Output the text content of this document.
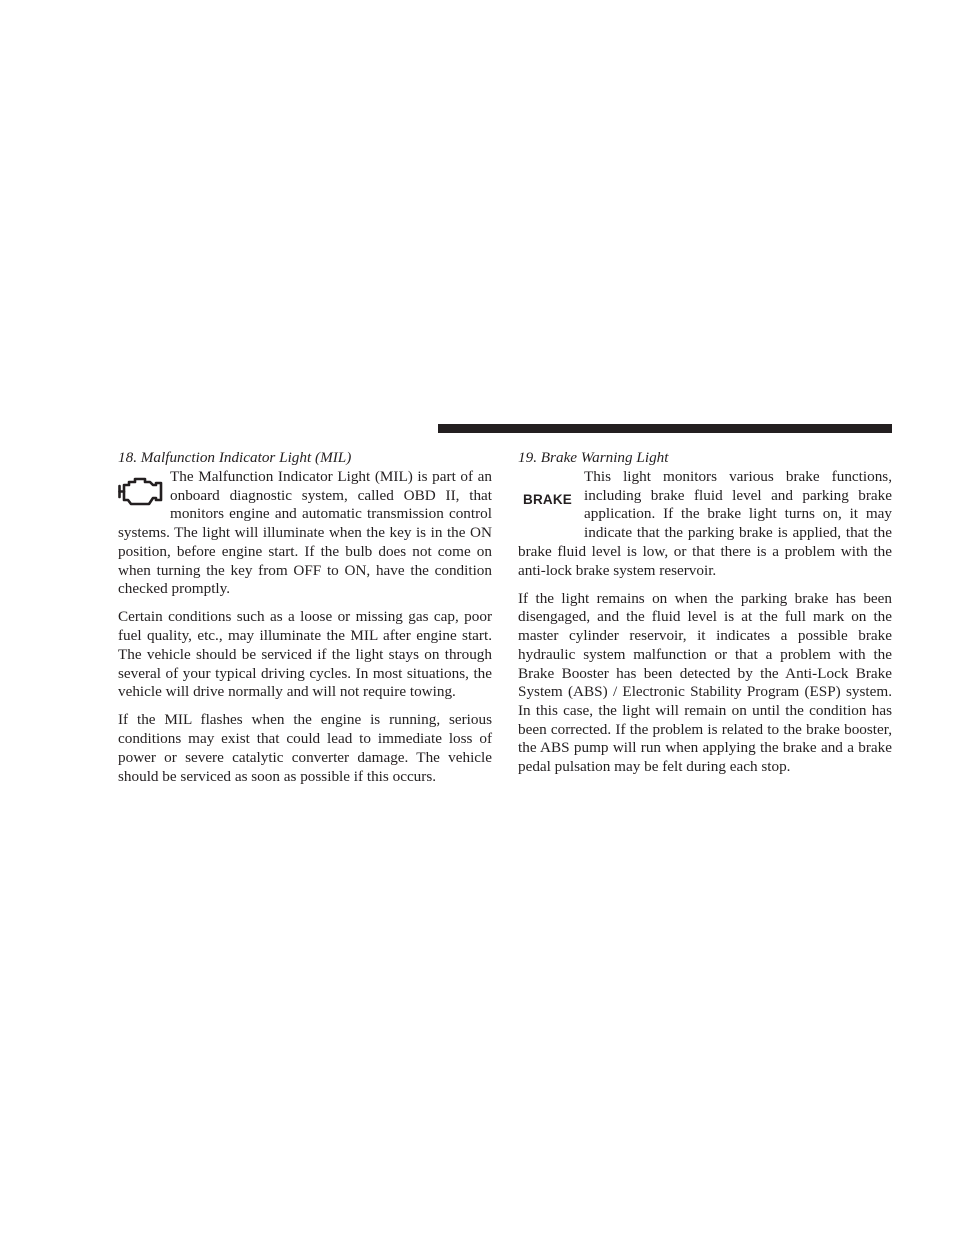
18. Malfunction Indicator Light (MIL)

The Malfunction Indicator Light (MIL) is part of an onboard diagnostic system, called OBD II, that monitors engine and automatic transmission control systems. The light will illuminate when the key is in the ON position, before engine start. If the bulb does not come on when turning the key from OFF to ON, have the condition checked promptly.

Certain conditions such as a loose or missing gas cap, poor fuel quality, etc., may illuminate the MIL after engine start. The vehicle should be serviced if the light stays on through several of your typical driving cycles. In most situations, the vehicle will drive normally and will not require towing.

If the MIL flashes when the engine is running, serious conditions may exist that could lead to immediate loss of power or severe catalytic converter damage. The vehicle should be serviced as soon as possible if this occurs.

19. Brake Warning Light
BRAKE

This light monitors various brake functions, including brake fluid level and parking brake application. If the brake light turns on, it may indicate that the parking brake is applied, that the brake fluid level is low, or that there is a problem with the anti-lock brake system reservoir.

If the light remains on when the parking brake has been disengaged, and the fluid level is at the full mark on the master cylinder reservoir, it indicates a possible brake hydraulic system malfunction or that a problem with the Brake Booster has been detected by the Anti-Lock Brake System (ABS) / Electronic Stability Program (ESP) system. In this case, the light will remain on until the condition has been corrected. If the problem is related to the brake booster, the ABS pump will run when applying the brake and a brake pedal pulsation may be felt during each stop.
